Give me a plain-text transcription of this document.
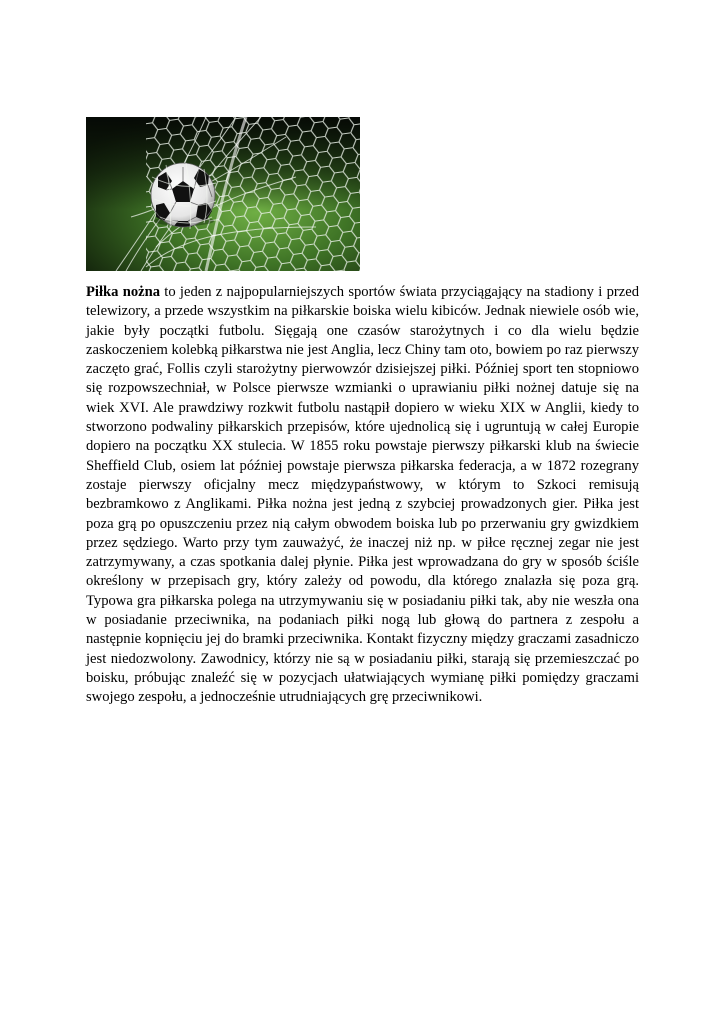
Piłka nożna to jeden z najpopularniejszych sportów świata przyciągający na stadiony i przed telewizory, a przede wszystkim na piłkarskie boiska wielu kibiców. Jednak niewiele osób wie, jakie były początki futbolu. Sięgają one czasów starożytnych i co dla wielu będzie zaskoczeniem kolebką piłkarstwa nie jest Anglia, lecz Chiny tam oto, bowiem po raz pierwszy zaczęto grać, Follis czyli starożytny pierwowzór dzisiejszej piłki. Później sport ten stopniowo się rozpowszechniał, w Polsce pierwsze wzmianki o uprawianiu piłki nożnej datuje się na wiek XVI. Ale prawdziwy rozkwit futbolu nastąpił dopiero w wieku XIX w Anglii, kiedy to stworzono podwaliny piłkarskich przepisów, które ujednolicą się i ugruntują w całej Europie dopiero na początku XX stulecia. W 1855 roku powstaje pierwszy piłkarski klub na świecie Sheffield Club, osiem lat później powstaje pierwsza piłkarska federacja, a w 1872 rozegrany zostaje pierwszy oficjalny mecz międzypaństwowy, w którym to Szkoci remisują bezbramkowo z Anglikami. Piłka nożna jest jedną z szybciej prowadzonych gier. Piłka jest poza grą po opuszczeniu przez nią całym obwodem boiska lub po przerwaniu gry gwizdkiem przez sędziego. Warto przy tym zauważyć, że inaczej niż np. w piłce ręcznej zegar nie jest zatrzymywany, a czas spotkania dalej płynie. Piłka jest wprowadzana do gry w sposób ściśle określony w przepisach gry, który zależy od powodu, dla którego znalazła się poza grą. Typowa gra piłkarska polega na utrzymywaniu się w posiadaniu piłki tak, aby nie weszła ona w posiadanie przeciwnika, na podaniach piłki nogą lub głową do partnera z zespołu a następnie kopnięciu jej do bramki przeciwnika. Kontakt fizyczny między graczami zasadniczo jest niedozwolony. Zawodnicy, którzy nie są w posiadaniu piłki, starają się przemieszczać po boisku, próbując znaleźć się w pozycjach ułatwiających wymianę piłki pomiędzy graczami swojego zespołu, a jednocześnie utrudniających grę przeciwnikowi.
